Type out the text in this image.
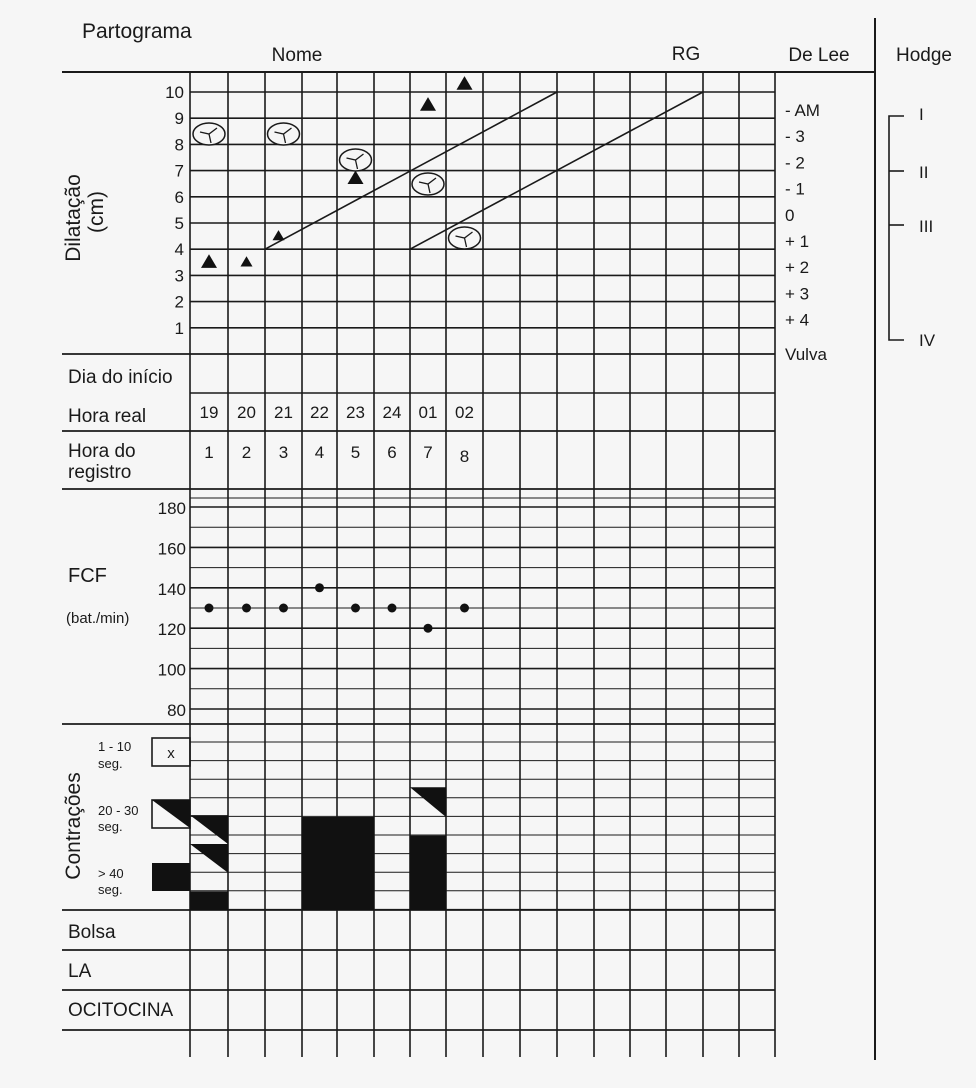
Partograma
Nome	RG	De Lee Hodge
Dilatação (cm)
10
9
8
7
6
5
4
3
2
1
- AM
- 3
- 2
- 1
0
+ 1
+ 2
+ 3
+ 4
Vulva
I
II
III
IV
Dia do início
Hora real
Hora do
registro
Bolsa
LA
OCITOCINA
19 20 21 22 23 24 01 02
1 2 3 4 5 6 7 8
FCF
(bat./min)
180
160
140
120
100
80
Contrações
1 - 10
seg.
x
20 - 30
seg.
> 40
seg.
